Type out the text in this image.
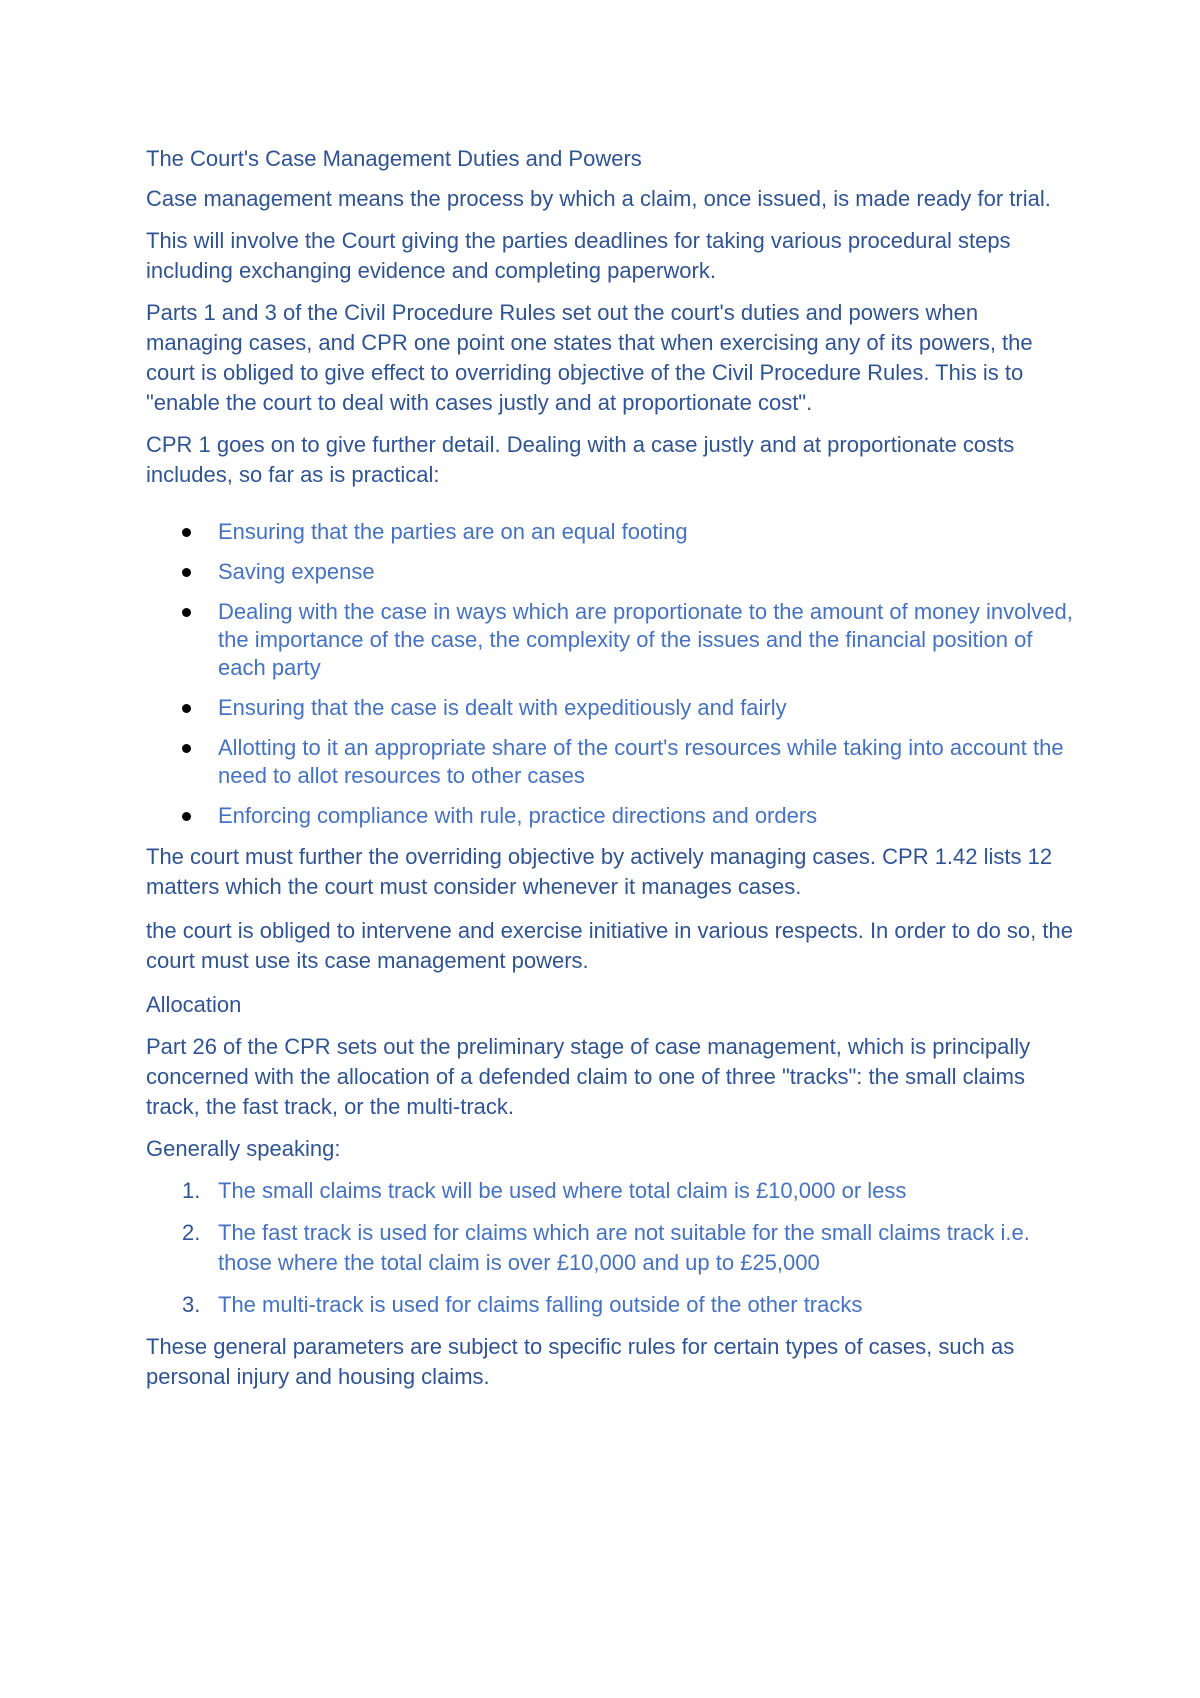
The Court's Case Management Duties and Powers

Case management means the process by which a claim, once issued, is made ready for trial.

This will involve the Court giving the parties deadlines for taking various procedural steps including exchanging evidence and completing paperwork.

Parts 1 and 3 of the Civil Procedure Rules set out the court's duties and powers when managing cases, and CPR one point one states that when exercising any of its powers, the court is obliged to give effect to overriding objective of the Civil Procedure Rules. This is to "enable the court to deal with cases justly and at proportionate cost".

CPR 1 goes on to give further detail. Dealing with a case justly and at proportionate costs includes, so far as is practical:

Ensuring that the parties are on an equal footing
Saving expense
Dealing with the case in ways which are proportionate to the amount of money involved, the importance of the case, the complexity of the issues and the financial position of each party
Ensuring that the case is dealt with expeditiously and fairly
Allotting to it an appropriate share of the court's resources while taking into account the need to allot resources to other cases
Enforcing compliance with rule, practice directions and orders

The court must further the overriding objective by actively managing cases. CPR 1.42 lists 12 matters which the court must consider whenever it manages cases.

the court is obliged to intervene and exercise initiative in various respects. In order to do so, the court must use its case management powers.

Allocation

Part 26 of the CPR sets out the preliminary stage of case management, which is principally concerned with the allocation of a defended claim to one of three "tracks": the small claims track, the fast track, or the multi-track.

Generally speaking:

1. The small claims track will be used where total claim is £10,000 or less
2. The fast track is used for claims which are not suitable for the small claims track i.e. those where the total claim is over £10,000 and up to £25,000
3. The multi-track is used for claims falling outside of the other tracks

These general parameters are subject to specific rules for certain types of cases, such as personal injury and housing claims.
